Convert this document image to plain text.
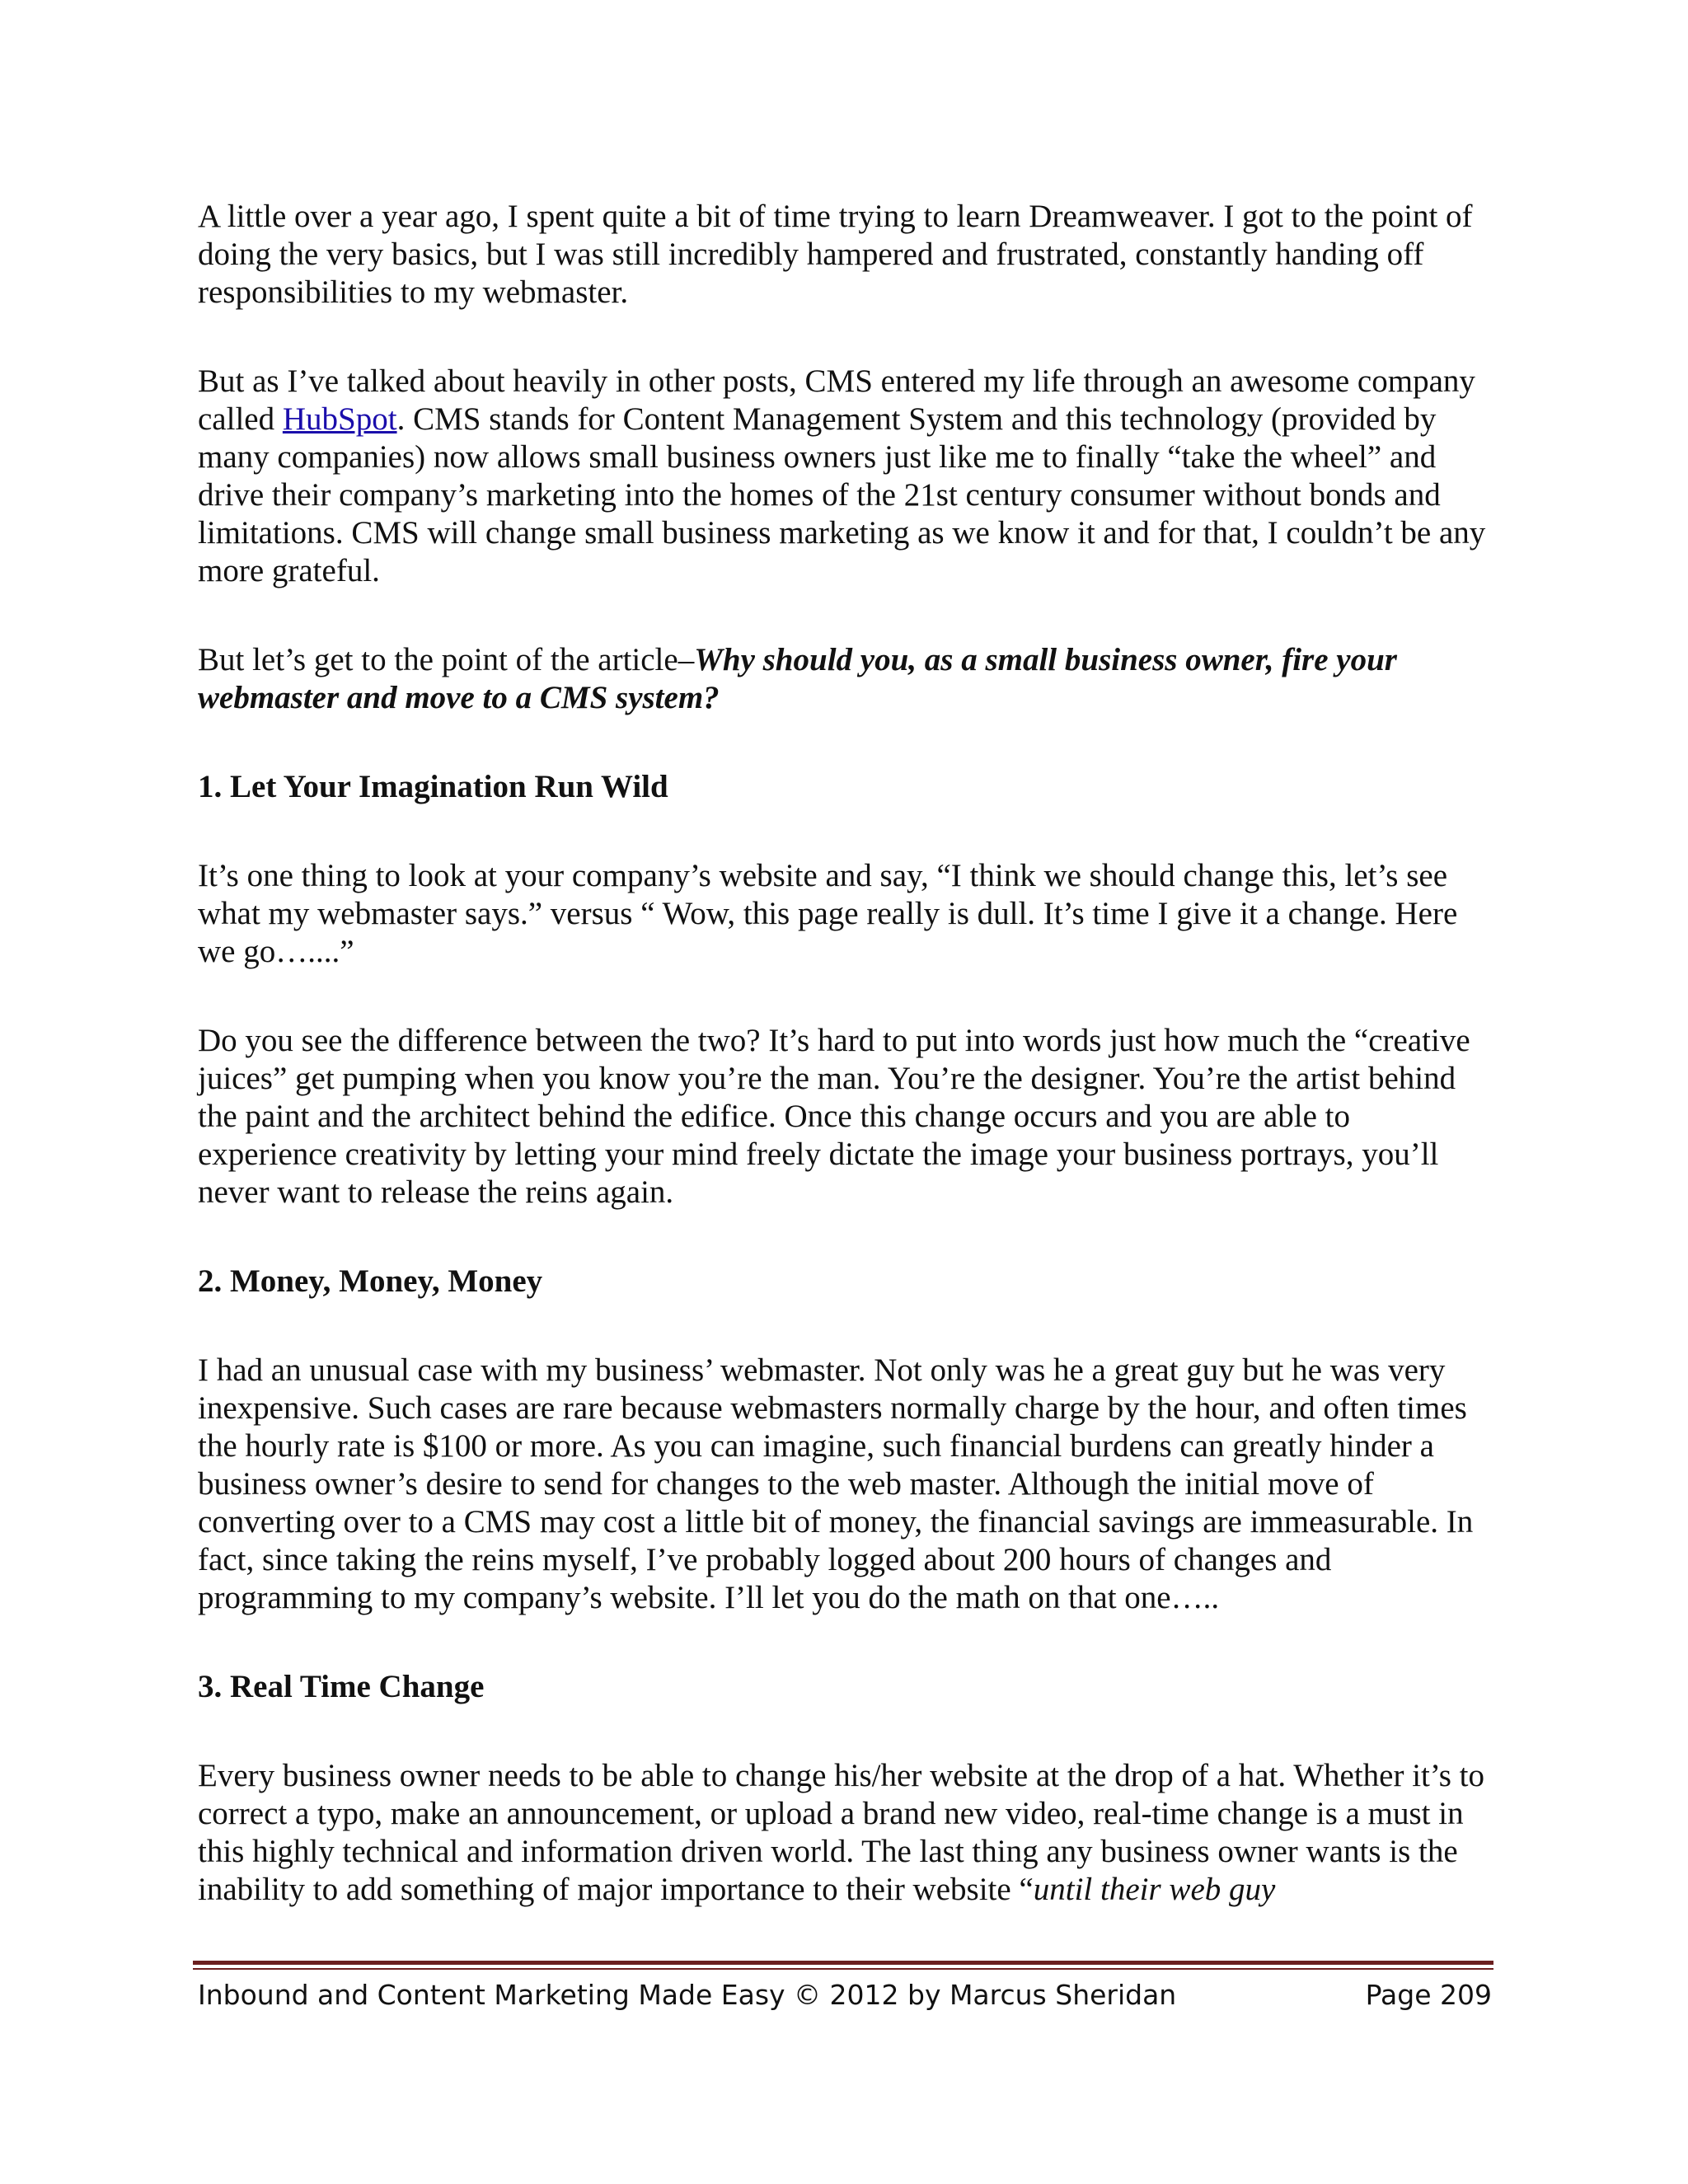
A little over a year ago, I spent quite a bit of time trying to learn Dreamweaver. I got to the point of doing the very basics, but I was still incredibly hampered and frustrated, constantly handing off responsibilities to my webmaster.

But as I’ve talked about heavily in other posts, CMS entered my life through an awesome company called HubSpot. CMS stands for Content Management System and this technology (provided by many companies) now allows small business owners just like me to finally “take the wheel” and drive their company’s marketing into the homes of the 21st century consumer without bonds and limitations. CMS will change small business marketing as we know it and for that, I couldn’t be any more grateful.

But let’s get to the point of the article–Why should you, as a small business owner, fire your webmaster and move to a CMS system?

1. Let Your Imagination Run Wild

It’s one thing to look at your company’s website and say, “I think we should change this, let’s see what my webmaster says.” versus “ Wow, this page really is dull. It’s time I give it a change. Here we go…....”

Do you see the difference between the two? It’s hard to put into words just how much the “creative juices” get pumping when you know you’re the man. You’re the designer. You’re the artist behind the paint and the architect behind the edifice. Once this change occurs and you are able to experience creativity by letting your mind freely dictate the image your business portrays, you’ll never want to release the reins again.

2. Money, Money, Money

I had an unusual case with my business’ webmaster. Not only was he a great guy but he was very inexpensive. Such cases are rare because webmasters normally charge by the hour, and often times the hourly rate is $100 or more. As you can imagine, such financial burdens can greatly hinder a business owner’s desire to send for changes to the web master. Although the initial move of converting over to a CMS may cost a little bit of money, the financial savings are immeasurable. In fact, since taking the reins myself, I’ve probably logged about 200 hours of changes and programming to my company’s website. I’ll let you do the math on that one…..

3. Real Time Change

Every business owner needs to be able to change his/her website at the drop of a hat. Whether it’s to correct a typo, make an announcement, or upload a brand new video, real-time change is a must in this highly technical and information driven world. The last thing any business owner wants is the inability to add something of major importance to their website “until their web guy

Inbound and Content Marketing Made Easy © 2012 by Marcus Sheridan	Page 209
